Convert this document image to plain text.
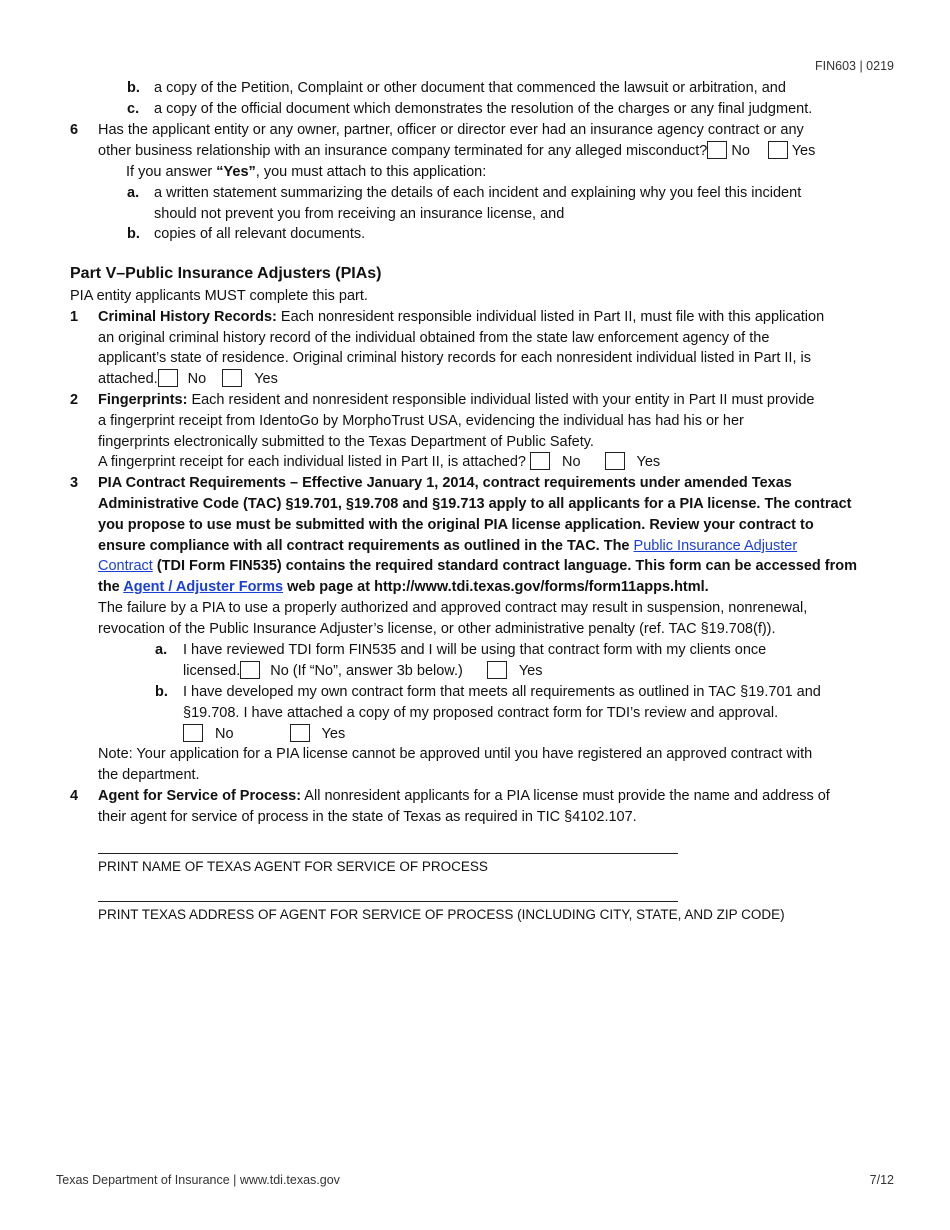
FIN603 | 0219
b. a copy of the Petition, Complaint or other document that commenced the lawsuit or arbitration, and
c. a copy of the official document which demonstrates the resolution of the charges or any final judgment.
6 Has the applicant entity or any owner, partner, officer or director ever had an insurance agency contract or any
other business relationship with an insurance company terminated for any alleged misconduct? No	Yes
If you answer “Yes”, you must attach to this application:
a. a written statement summarizing the details of each incident and explaining why you feel this incident
should not prevent you from receiving an insurance license, and
b. copies of all relevant documents.
Part V–Public Insurance Adjusters (PIAs)
PIA entity applicants MUST complete this part.
1 Criminal History Records: Each nonresident responsible individual listed in Part II, must file with this application
an original criminal history record of the individual obtained from the state law enforcement agency of the
applicant’s state of residence. Original criminal history records for each nonresident individual listed in Part II, is
attached. No	Yes
2 Fingerprints: Each resident and nonresident responsible individual listed with your entity in Part II must provide
a fingerprint receipt from IdentoGo by MorphoTrust USA, evidencing the individual has had his or her
fingerprints electronically submitted to the Texas Department of Public Safety.
A fingerprint receipt for each individual listed in Part II, is attached? No	Yes
3 PIA Contract Requirements – Effective January 1, 2014, contract requirements under amended Texas
Administrative Code (TAC) §19.701, §19.708 and §19.713 apply to all applicants for a PIA license. The contract
you propose to use must be submitted with the original PIA license application. Review your contract to
ensure compliance with all contract requirements as outlined in the TAC. The Public Insurance Adjuster
Contract (TDI Form FIN535) contains the required standard contract language. This form can be accessed from
the Agent / Adjuster Forms web page at http://www.tdi.texas.gov/forms/form11apps.html.
The failure by a PIA to use a properly authorized and approved contract may result in suspension, nonrenewal,
revocation of the Public Insurance Adjuster’s license, or other administrative penalty (ref. TAC §19.708(f)).
a. I have reviewed TDI form FIN535 and I will be using that contract form with my clients once
licensed. No (If “No”, answer 3b below.)	Yes
b. I have developed my own contract form that meets all requirements as outlined in TAC §19.701 and
§19.708. I have attached a copy of my proposed contract form for TDI’s review and approval.
No	Yes
Note: Your application for a PIA license cannot be approved until you have registered an approved contract with
the department.
4 Agent for Service of Process: All nonresident applicants for a PIA license must provide the name and address of
their agent for service of process in the state of Texas as required in TIC §4102.107.
PRINT NAME OF TEXAS AGENT FOR SERVICE OF PROCESS
PRINT TEXAS ADDRESS OF AGENT FOR SERVICE OF PROCESS (INCLUDING CITY, STATE, AND ZIP CODE)
Texas Department of Insurance | www.tdi.texas.gov	7/12
